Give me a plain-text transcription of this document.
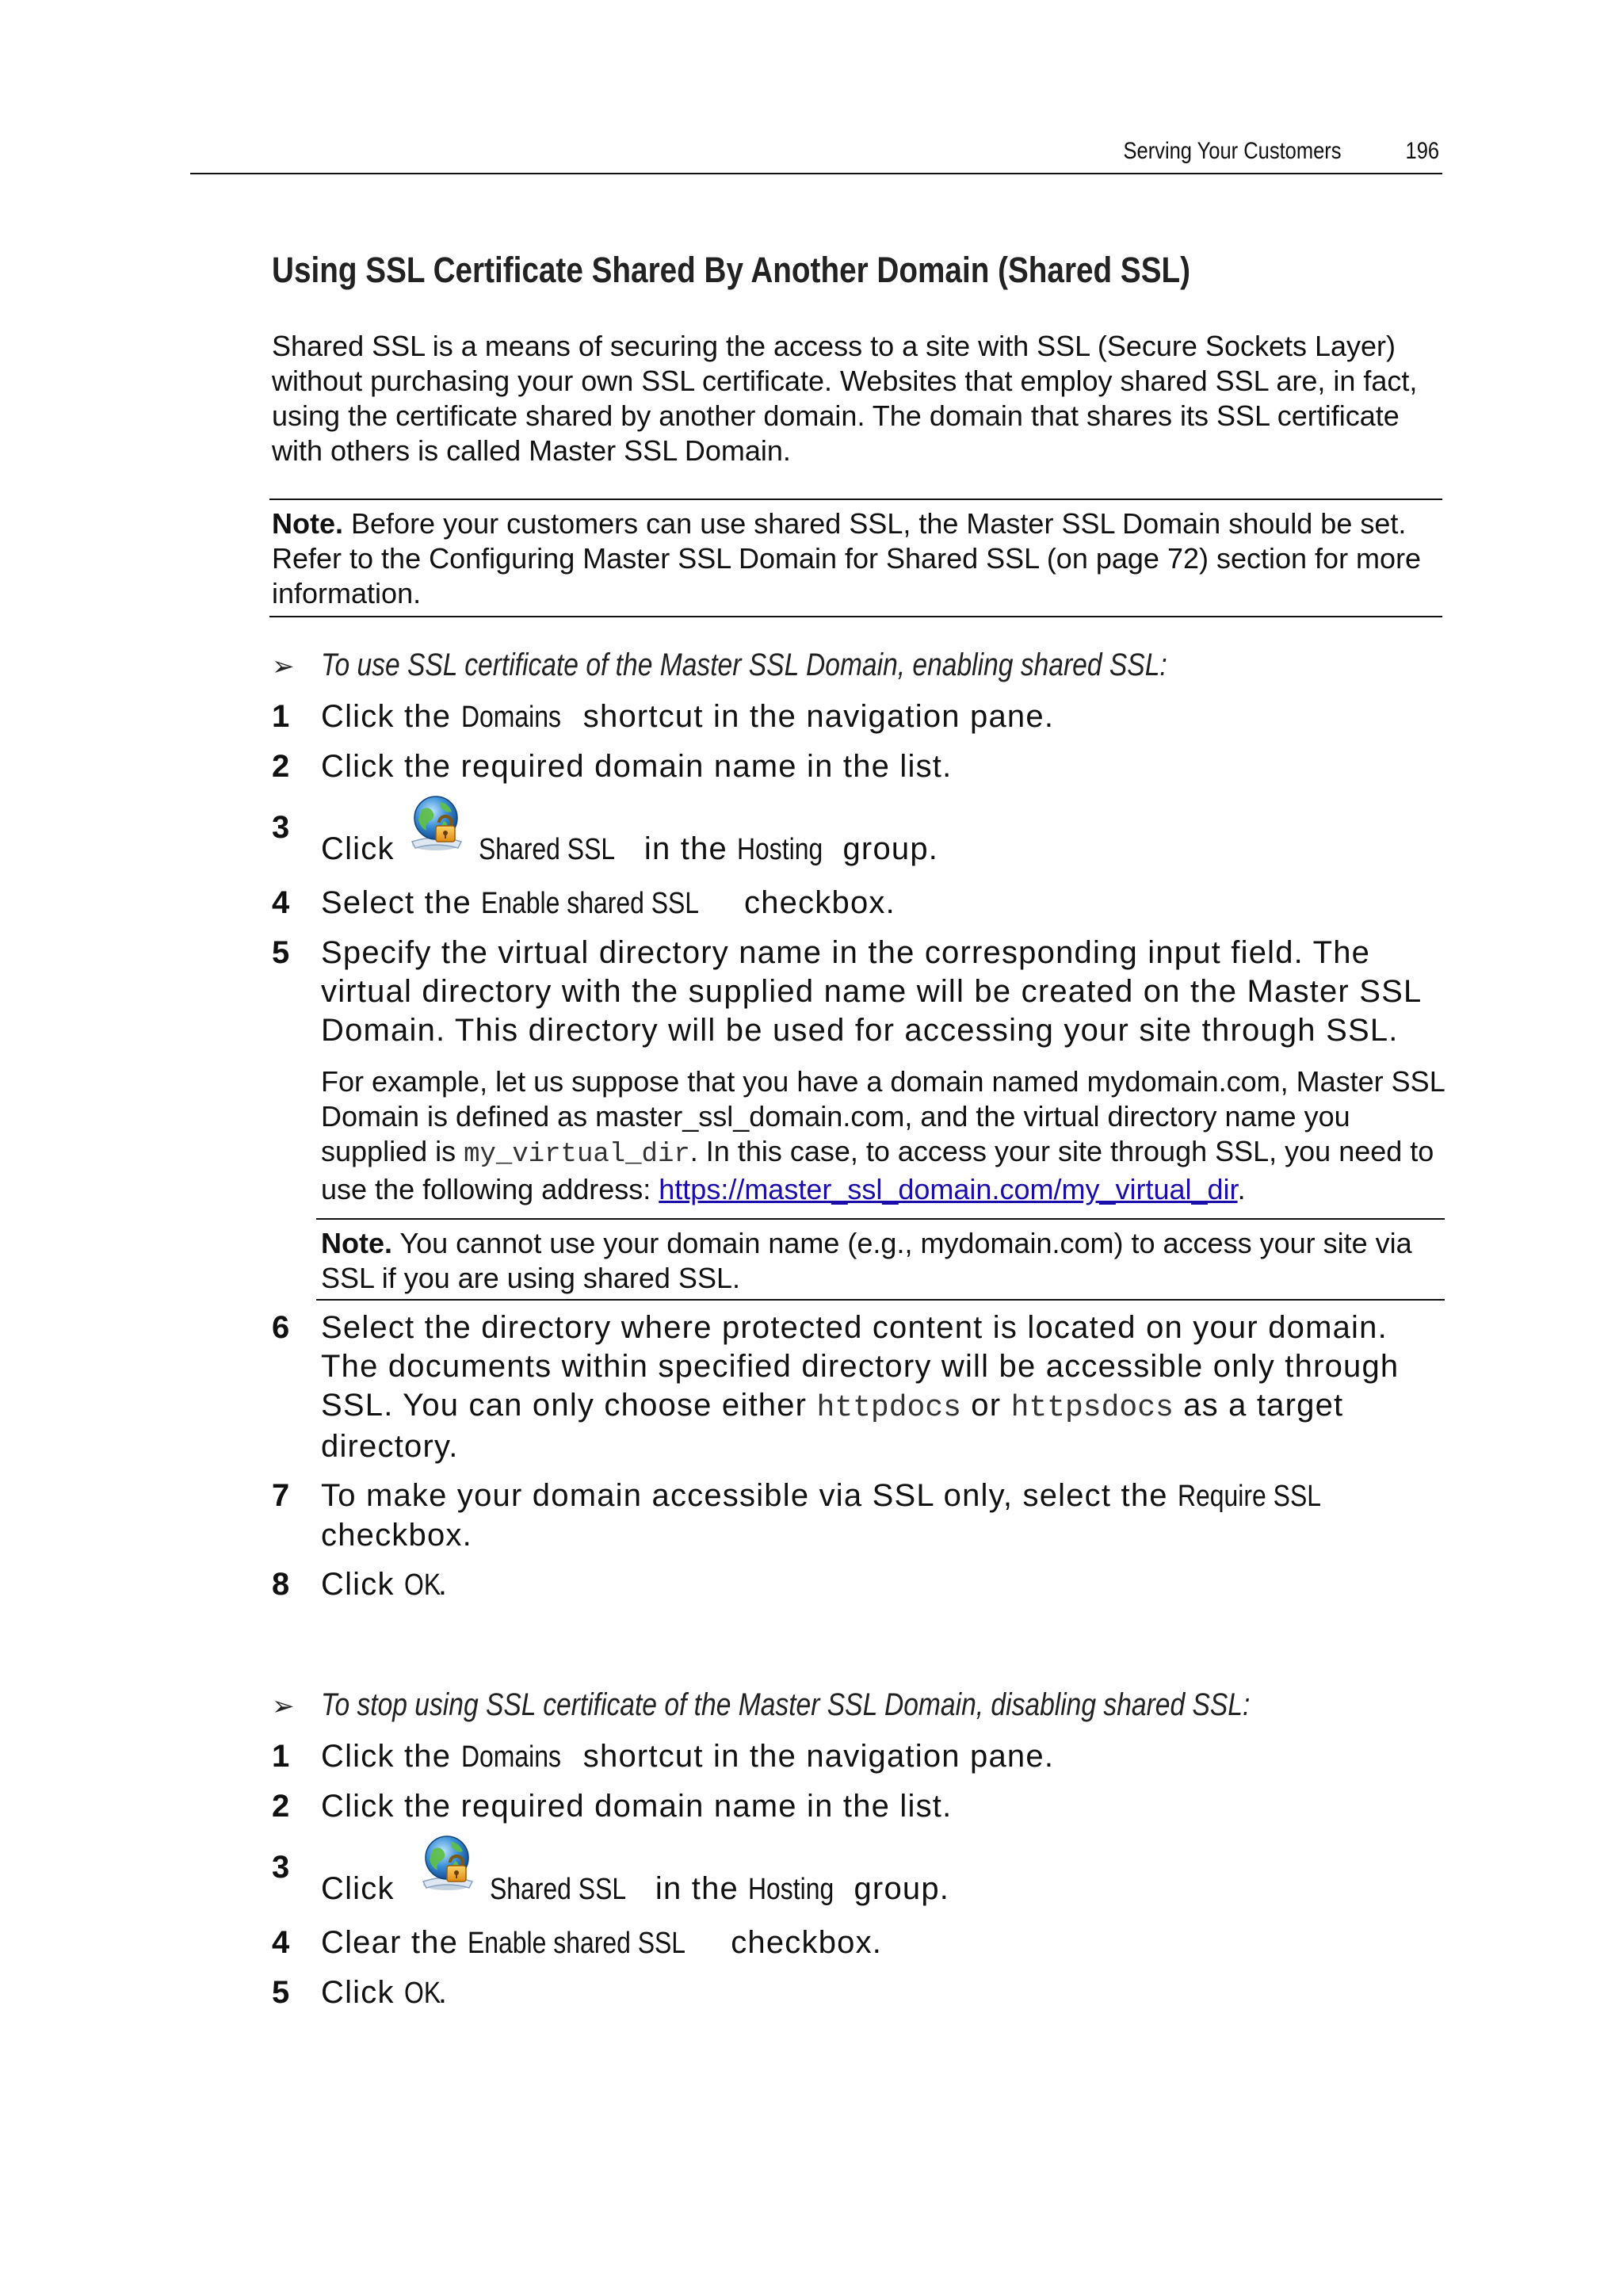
Serving Your Customers	196
Using SSL Certificate Shared By Another Domain (Shared SSL)
Shared SSL is a means of securing the access to a site with SSL (Secure Sockets Layer) without purchasing your own SSL certificate. Websites that employ shared SSL are, in fact, using the certificate shared by another domain. The domain that shares its SSL certificate with others is called Master SSL Domain.
Note. Before your customers can use shared SSL, the Master SSL Domain should be set. Refer to the Configuring Master SSL Domain for Shared SSL (on page 72) section for more information.
➢ To use SSL certificate of the Master SSL Domain, enabling shared SSL:
1 Click the Domains shortcut in the navigation pane.
2 Click the required domain name in the list.
3
Click	Shared SSL in the Hosting group.
4 Select the Enable shared SSL checkbox.
5 Specify the virtual directory name in the corresponding input field. The virtual directory with the supplied name will be created on the Master SSL Domain. This directory will be used for accessing your site through SSL.
For example, let us suppose that you have a domain named mydomain.com, Master SSL Domain is defined as master_ssl_domain.com, and the virtual directory name you supplied is my_virtual_dir. In this case, to access your site through SSL, you need to use the following address: https://master_ssl_domain.com/my_virtual_dir.
Note. You cannot use your domain name (e.g., mydomain.com) to access your site via SSL if you are using shared SSL.
6 Select the directory where protected content is located on your domain. The documents within specified directory will be accessible only through SSL. You can only choose either httpdocs or httpsdocs as a target directory.
7 To make your domain accessible via SSL only, select the Require SSL checkbox.
8 Click OK.
➢ To stop using SSL certificate of the Master SSL Domain, disabling shared SSL:
1 Click the Domains shortcut in the navigation pane.
2 Click the required domain name in the list.
3
Click	Shared SSL in the Hosting group.
4 Clear the Enable shared SSL checkbox.
5 Click OK.
